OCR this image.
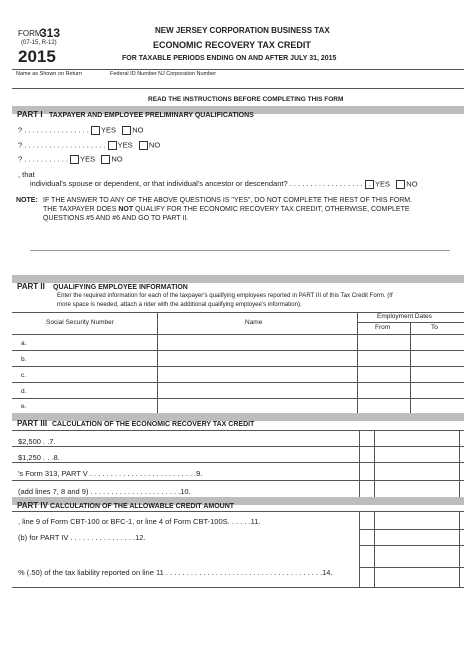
FORM
313
(07-15, R-12)
2015
NEW JERSEY CORPORATION BUSINESS TAX
ECONOMIC RECOVERY TAX CREDIT
FOR TAXABLE PERIODS ENDING ON AND AFTER JULY 31, 2015
Name as Shown on Return	Federal ID Number NJ Corporation Number
READ THE INSTRUCTIONS BEFORE COMPLETING THIS FORM
PART I TAXPAYER AND EMPLOYEE PRELIMINARY QUALIFICATIONS
? . . . . . . . . . . . . . . . . YES NO
? . . . . . . . . . . . . . . . . . . . . YES NO
? . . . . . . . . . . . YES NO
, that
individual's spouse or dependent, or that individual's ancestor or descendant? . . . . . . . . . . . . . . . . . . . . YES NO
NOTE: IF THE ANSWER TO ANY OF THE ABOVE QUESTIONS IS "YES", DO NOT COMPLETE THE REST OF THIS FORM.
THE TAXPAYER DOES NOT QUALIFY FOR THE ECONOMIC RECOVERY TAX CREDIT, OTHERWISE, COMPLETE
QUESTIONS #5 AND #6 AND GO TO PART II.
PART II QUALIFYING EMPLOYEE INFORMATION
Enter the required information for each of the taxpayer's qualifying employees reported in PART III of this Tax Credit Form. (If
more space is needed, attach a rider with the additional qualifying employee's information).
Social Security Number	Name
Employment Dates
From	To
a.
b.
c.
d.
e.
PART III CALCULATION OF THE ECONOMIC RECOVERY TAX CREDIT
$2,500 . .7.
$1,250 . . .8.
's Form 313, PART V . . . . . . . . . . . . . . . . . . . . . . . . . .9.
(add lines 7, 8 and 9) . . . . . . . . . . . . . . . . . . . . . .10.
PART IV CALCULATION OF THE ALLOWABLE CREDIT AMOUNT
, line 9 of Form CBT-100 or BFC-1, or line 4 of Form CBT-100S. . . . . .11.
(b) for PART IV . . . . . . . . . . . . . . . .12.
% (.50) of the tax liability reported on line 11 . . . . . . . . . . . . . . . . . . . . . . . . . . . . . . . . . . . . . .14.
